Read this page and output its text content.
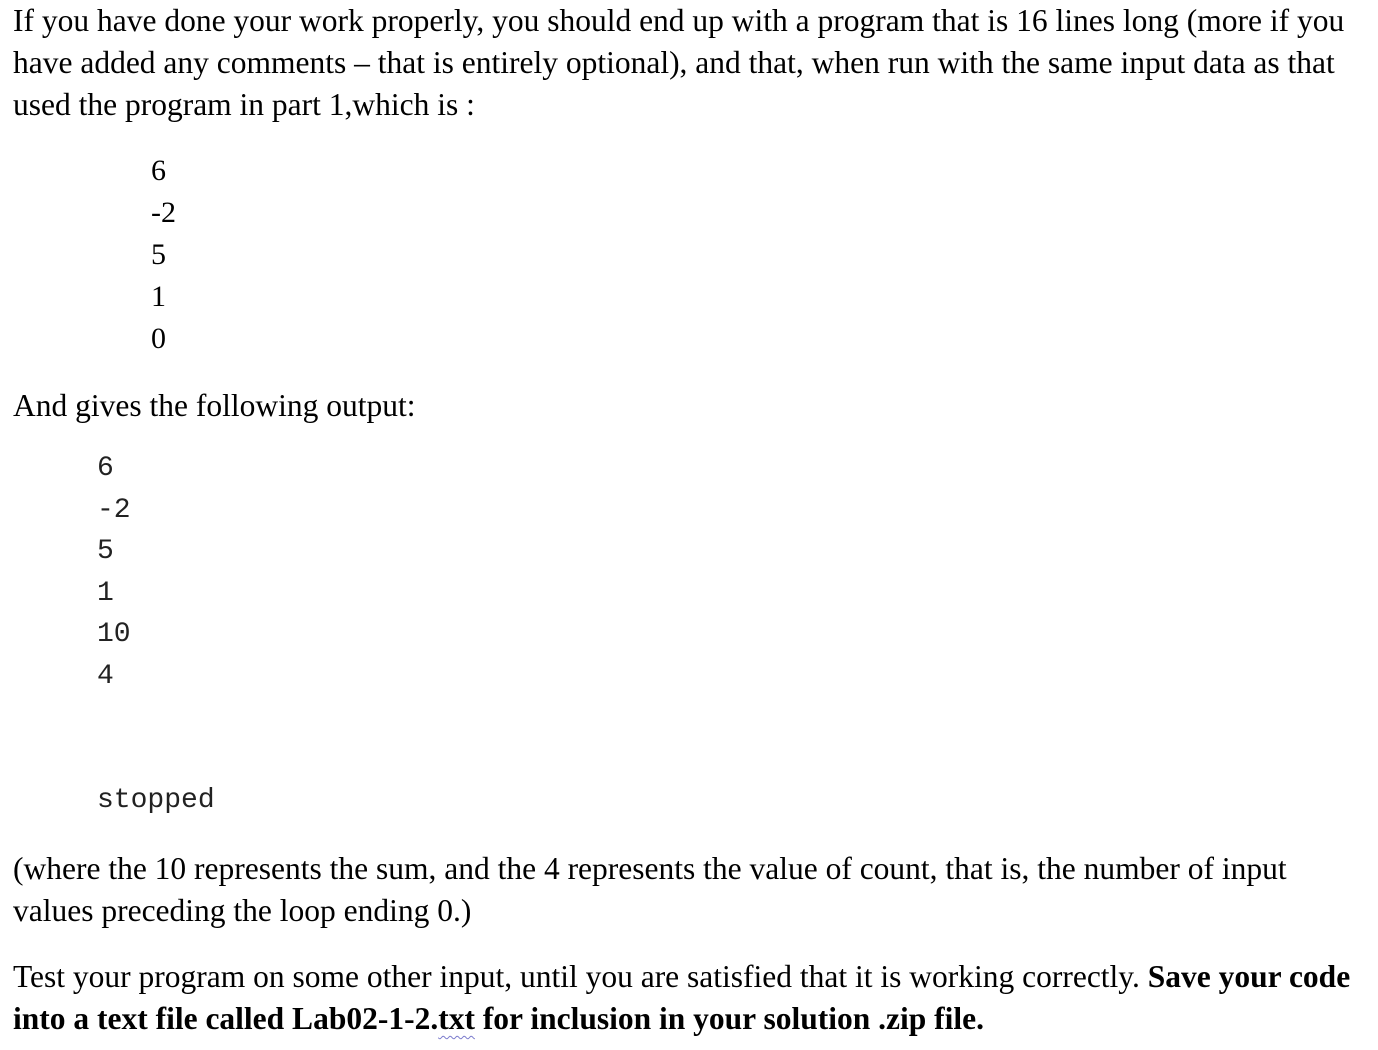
If you have done your work properly, you should end up with a program that is 16 lines long (more if you have added any comments – that is entirely optional), and that, when run with the same input data as that used the program in part 1,which is :

6
-2
5
1
0

And gives the following output:

6
-2
5
1
10
4

stopped

(where the 10 represents the sum, and the 4 represents the value of count, that is, the number of input values preceding the loop ending 0.)

Test your program on some other input, until you are satisfied that it is working correctly. Save your code into a text file called Lab02-1-2.txt for inclusion in your solution .zip file.
